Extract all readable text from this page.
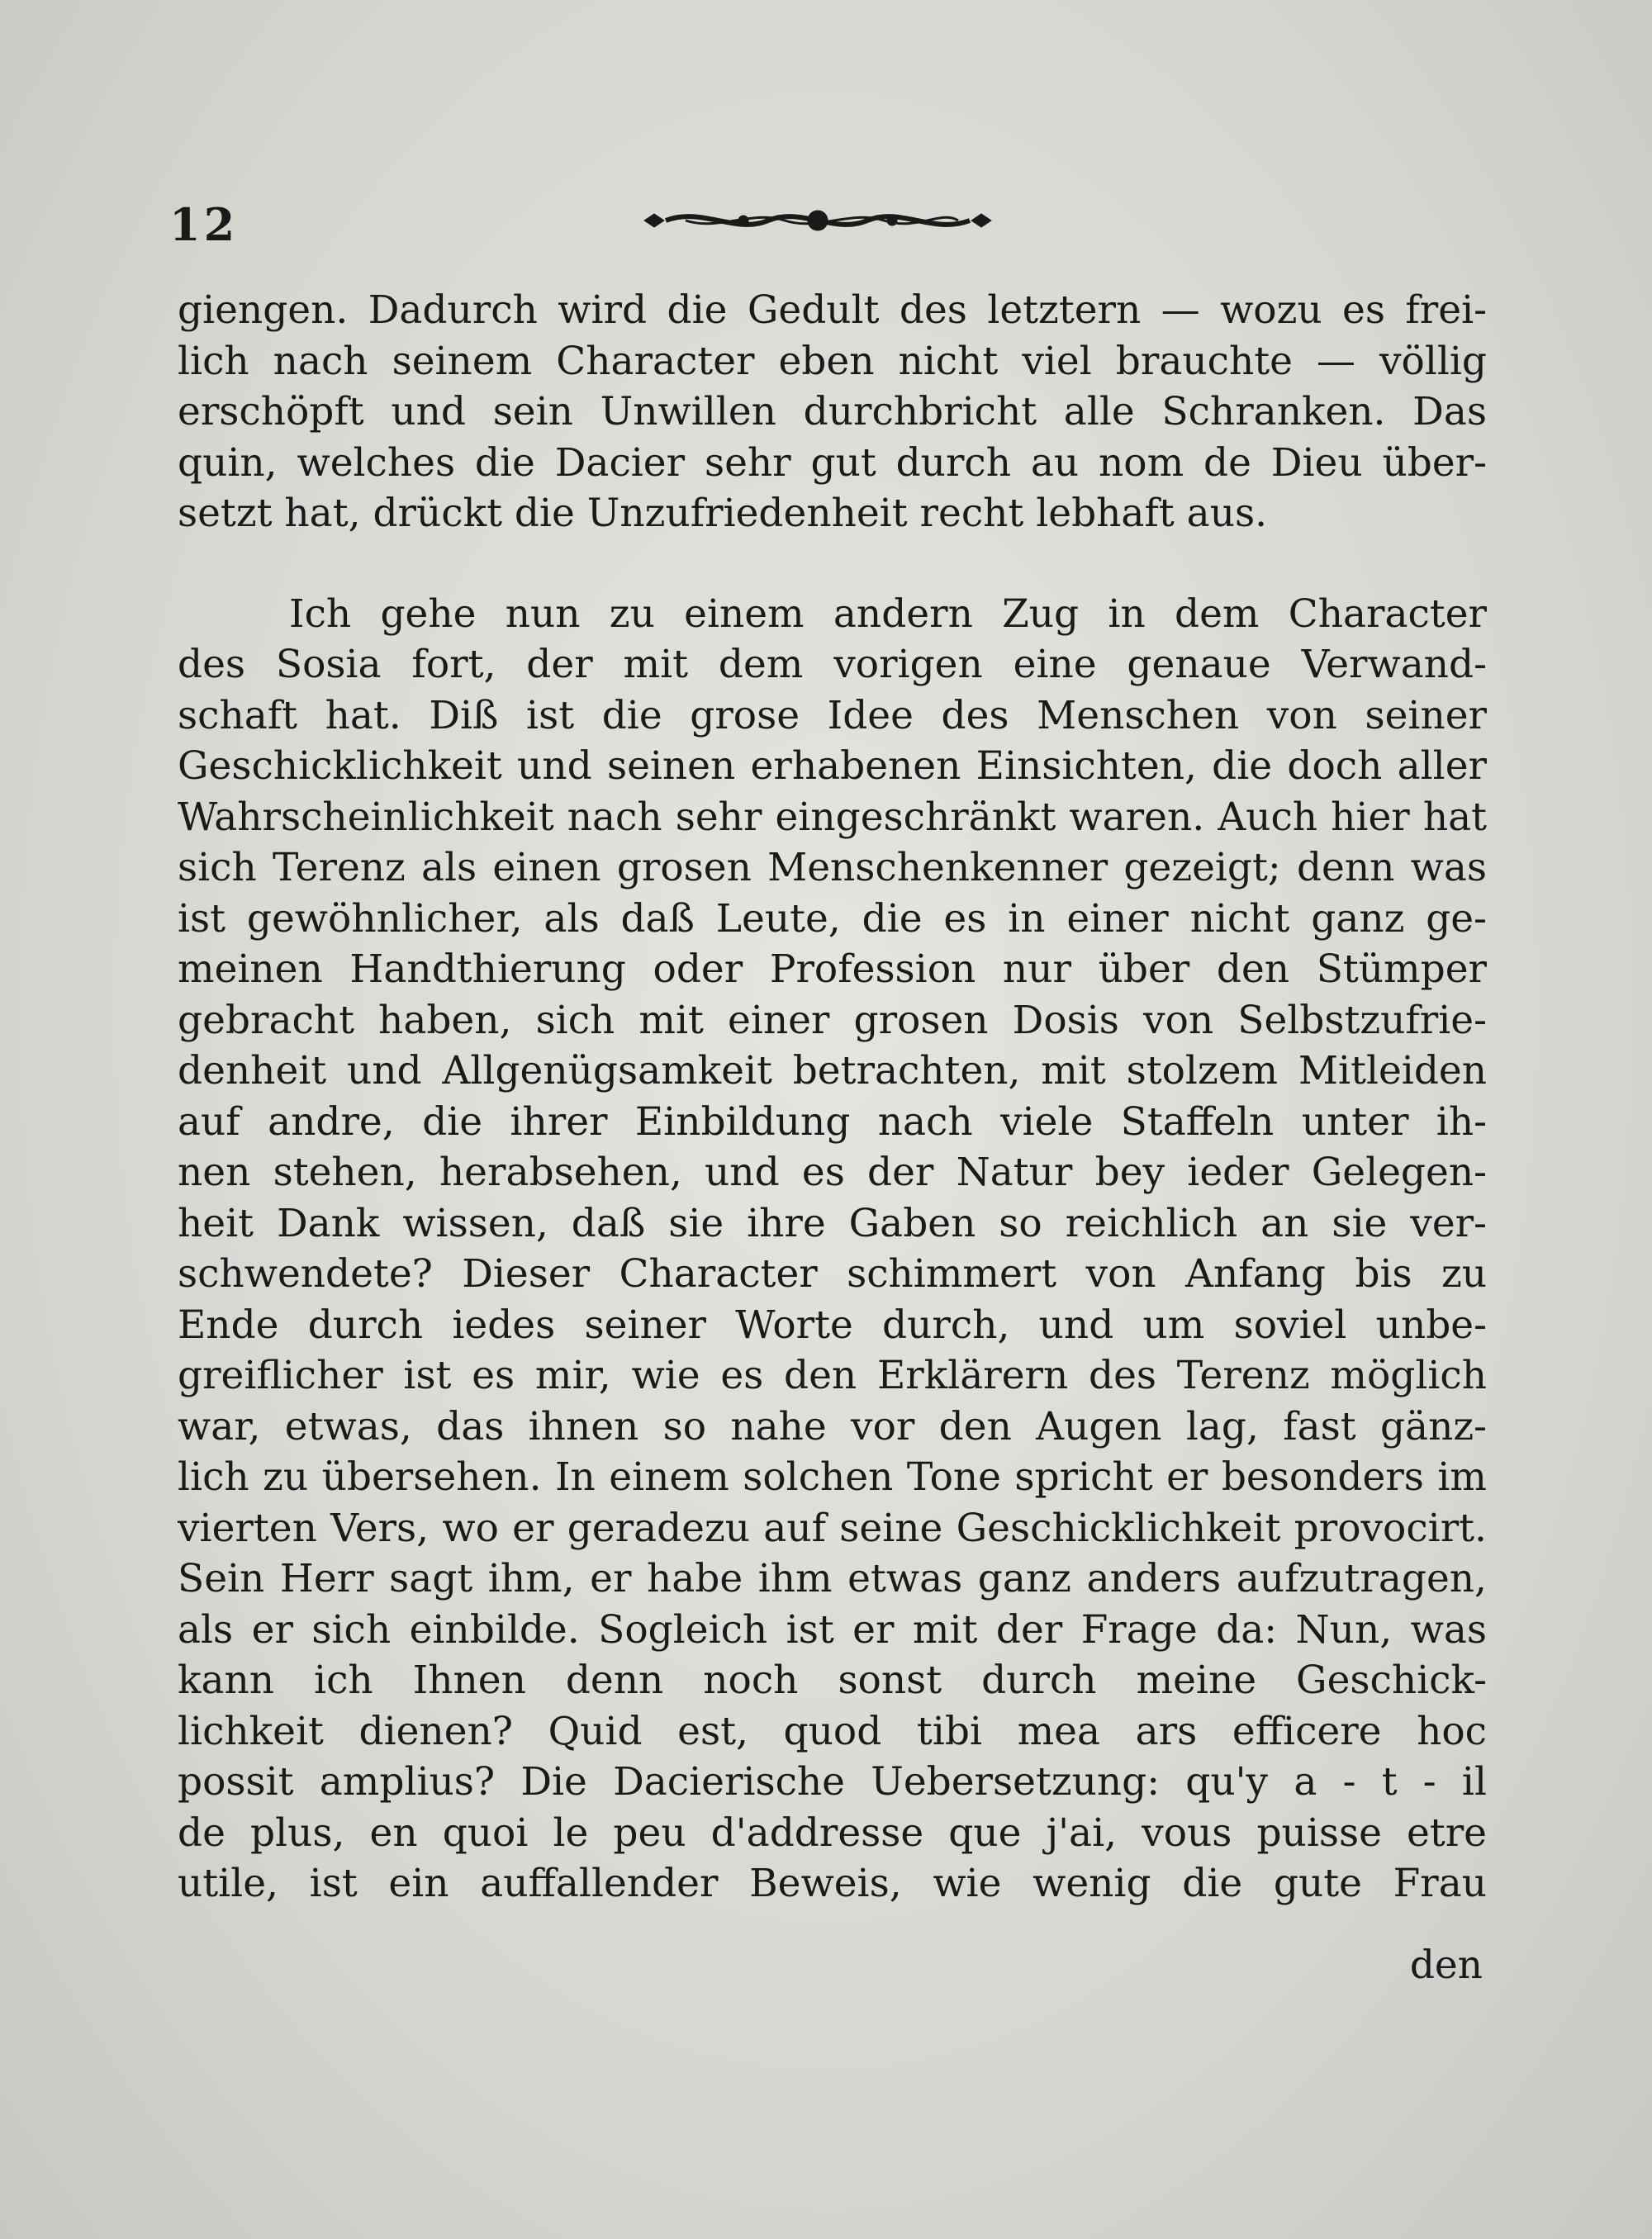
12
giengen. Dadurch wird die Gedult des letztern — wozu es frei-
lich nach seinem Character eben nicht viel brauchte — völlig
erschöpft und sein Unwillen durchbricht alle Schranken. Das
quin, welches die Dacier sehr gut durch au nom de Dieu über-
setzt hat, drückt die Unzufriedenheit recht lebhaft aus.
Ich gehe nun zu einem andern Zug in dem Character
des Sosia fort, der mit dem vorigen eine genaue Verwand-
schaft hat. Diß ist die grose Idee des Menschen von seiner
Geschicklichkeit und seinen erhabenen Einsichten, die doch aller
Wahrscheinlichkeit nach sehr eingeschränkt waren. Auch hier hat
sich Terenz als einen grosen Menschenkenner gezeigt; denn was
ist gewöhnlicher, als daß Leute, die es in einer nicht ganz ge-
meinen Handthierung oder Profession nur über den Stümper
gebracht haben, sich mit einer grosen Dosis von Selbstzufrie-
denheit und Allgenügsamkeit betrachten, mit stolzem Mitleiden
auf andre, die ihrer Einbildung nach viele Staffeln unter ih-
nen stehen, herabsehen, und es der Natur bey ieder Gelegen-
heit Dank wissen, daß sie ihre Gaben so reichlich an sie ver-
schwendete? Dieser Character schimmert von Anfang bis zu
Ende durch iedes seiner Worte durch, und um soviel unbe-
greiflicher ist es mir, wie es den Erklärern des Terenz möglich
war, etwas, das ihnen so nahe vor den Augen lag, fast gänz-
lich zu übersehen. In einem solchen Tone spricht er besonders im
vierten Vers, wo er geradezu auf seine Geschicklichkeit provocirt.
Sein Herr sagt ihm, er habe ihm etwas ganz anders aufzutragen,
als er sich einbilde. Sogleich ist er mit der Frage da: Nun, was
kann ich Ihnen denn noch sonst durch meine Geschick-
lichkeit dienen? Quid est, quod tibi mea ars efficere hoc
possit amplius? Die Dacierische Uebersetzung: qu'y a - t - il
de plus, en quoi le peu d'addresse que j'ai, vous puisse etre
utile, ist ein auffallender Beweis, wie wenig die gute Frau
den
